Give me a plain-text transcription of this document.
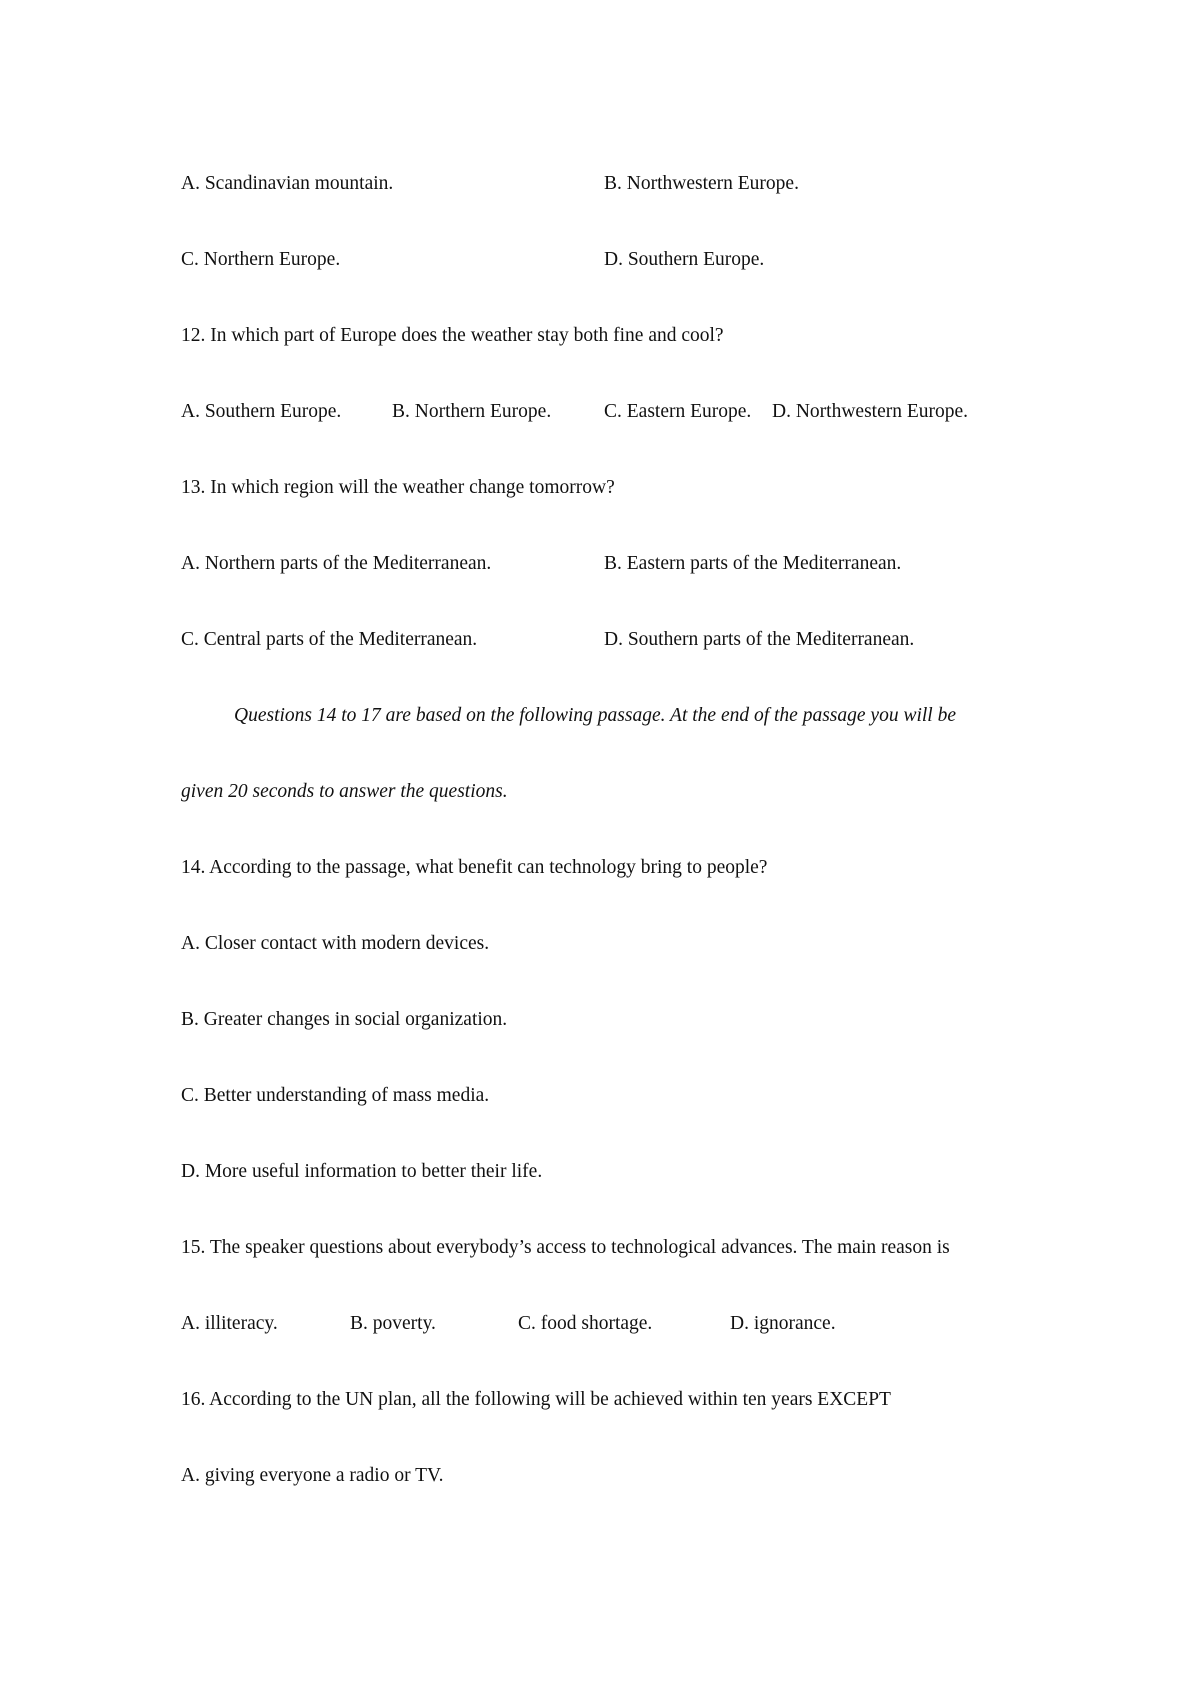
A. Scandinavian mountain.	B. Northwestern Europe.
C. Northern Europe.	D. Southern Europe.
12. In which part of Europe does the weather stay both fine and cool?
A. Southern Europe.	B. Northern Europe.	C. Eastern Europe. D. Northwestern Europe.
13. In which region will the weather change tomorrow?
A. Northern parts of the Mediterranean.	B. Eastern parts of the Mediterranean.
C. Central parts of the Mediterranean.	D. Southern parts of the Mediterranean.
Questions 14 to 17 are based on the following passage. At the end of the passage you will be
given 20 seconds to answer the questions.
14. According to the passage, what benefit can technology bring to people?
A. Closer contact with modern devices.
B. Greater changes in social organization.
C. Better understanding of mass media.
D. More useful information to better their life.
15. The speaker questions about everybody’s access to technological advances. The main reason is
A. illiteracy.	B. poverty.	C. food shortage.	D. ignorance.
16. According to the UN plan, all the following will be achieved within ten years EXCEPT
A. giving everyone a radio or TV.
